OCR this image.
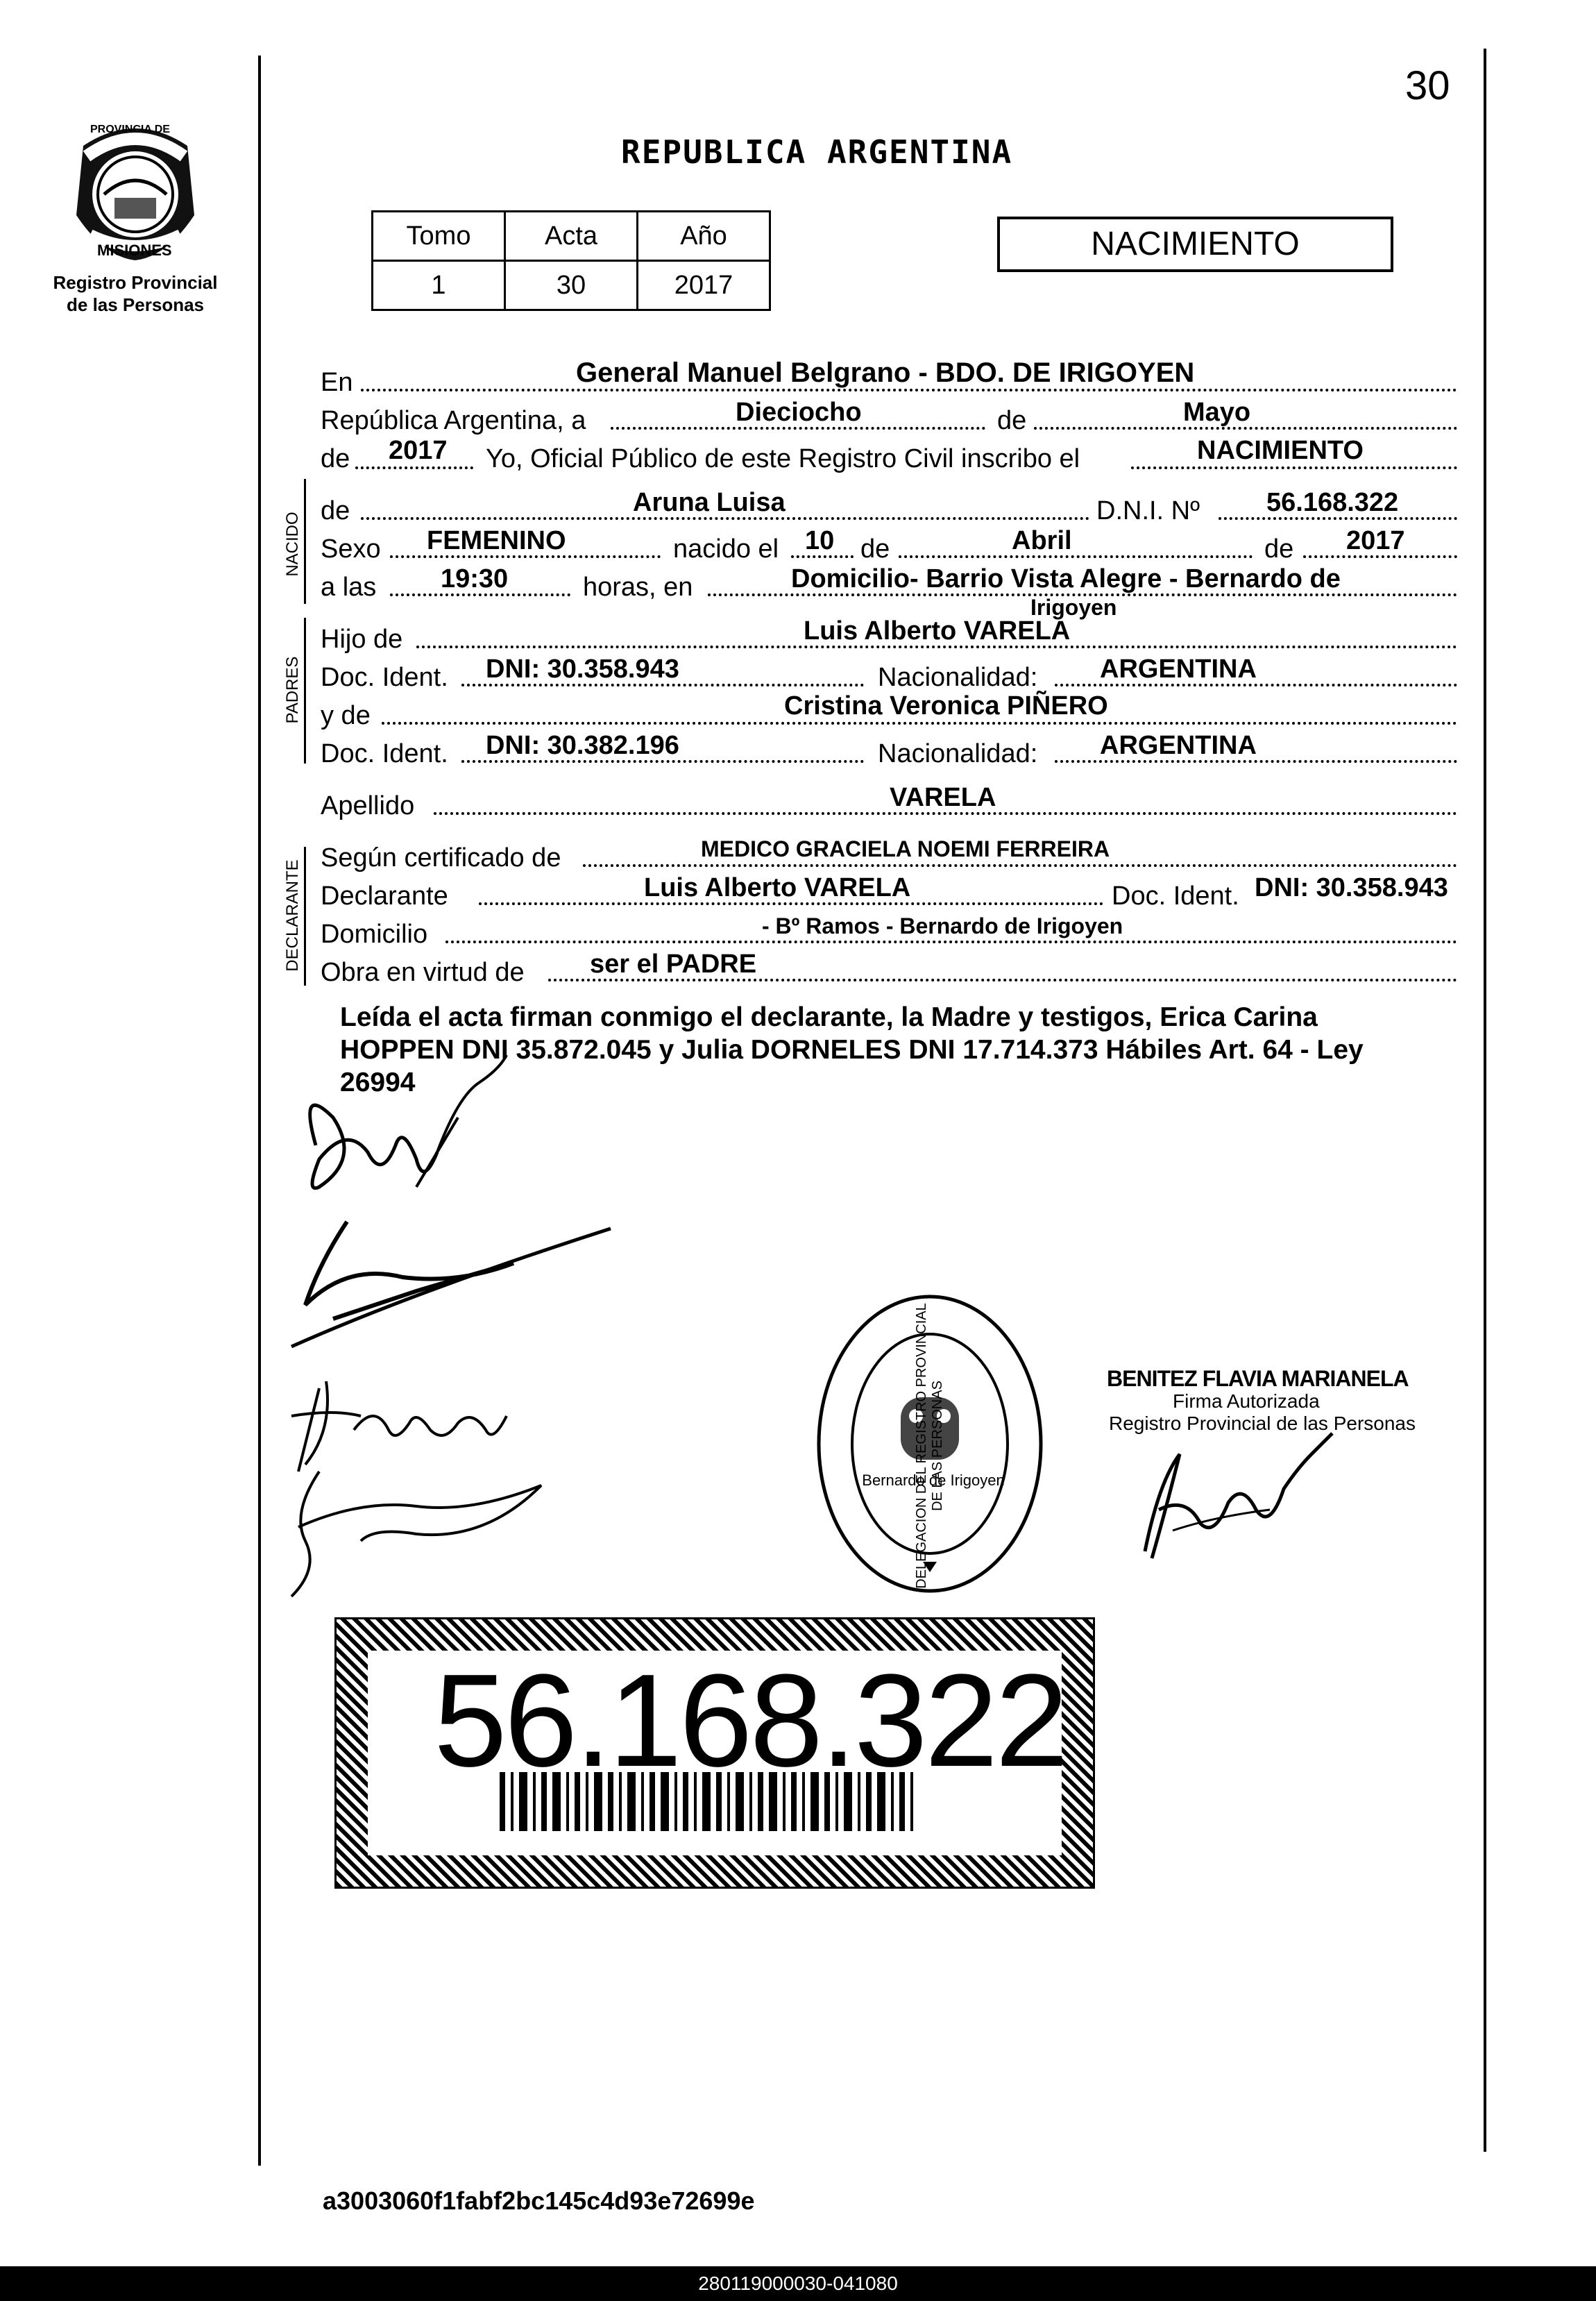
PROVINCIA DE
MISIONES
Registro Provincial
de las Personas
30
REPUBLICA ARGENTINA
Tomo	Acta	Año
1	30	2017
NACIMIENTO
En	General Manuel Belgrano - BDO. DE IRIGOYEN
República Argentina, a	Dieciocho	de	Mayo
de 2017 Yo, Oficial Público de este Registro Civil inscribo el	NACIMIENTO
NACIDO
de	Aruna Luisa	D.N.I. Nº	56.168.322
Sexo FEMENINO	nacido el 10 de	Abril	de 2017
a las 19:30	horas, en	Domicilio- Barrio Vista Alegre - Bernardo de
Irigoyen
PADRES
Hijo de	Luis Alberto VARELA
Doc. Ident. DNI: 30.358.943	Nacionalidad: ARGENTINA
y de	Cristina Veronica PIÑERO
Doc. Ident. DNI: 30.382.196	Nacionalidad: ARGENTINA
Apellido	VARELA
DECLARANTE
Según certificado de	MEDICO GRACIELA NOEMI FERREIRA
Declarante	Luis Alberto VARELA	Doc. Ident. DNI: 30.358.943
Domicilio	- Bº Ramos - Bernardo de Irigoyen
Obra en virtud de ser el PADRE
Leída el acta firman conmigo el declarante, la Madre y testigos, Erica Carina
HOPPEN DNI 35.872.045 y Julia DORNELES DNI 17.714.373 Hábiles Art. 64 - Ley
26994
DELEGACION DEL REGISTRO PROVINCIAL DE LAS PERSONAS
Bernardo de Irigoyen
BENITEZ FLAVIA MARIANELA
Firma Autorizada
Registro Provincial de las Personas
56.168.322
a3003060f1fabf2bc145c4d93e72699e
280119000030-041080
